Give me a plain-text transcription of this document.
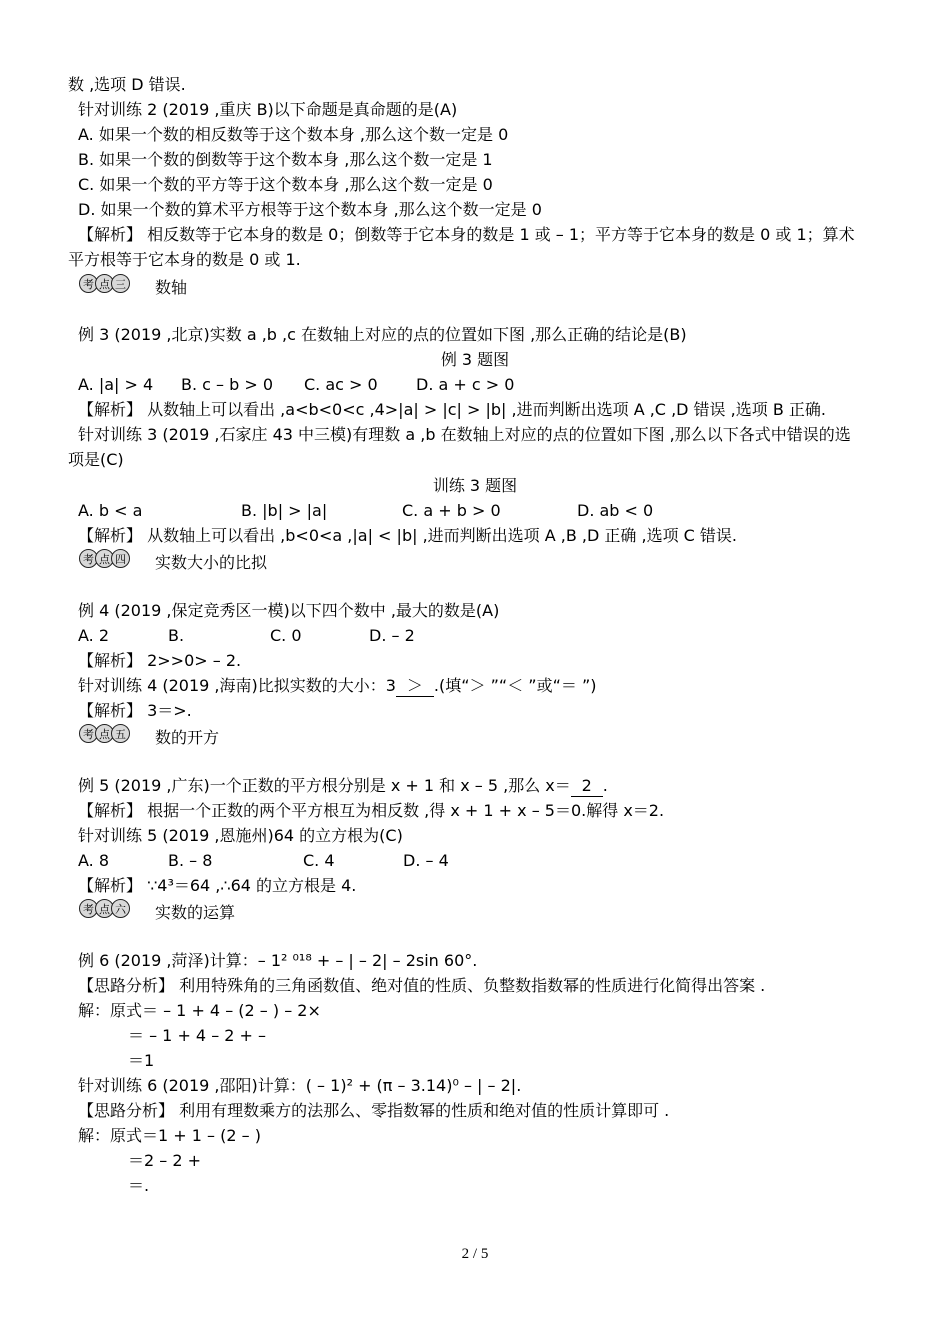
数 ,选项 D 错误.
针对训练 2 (2019 ,重庆 B)以下命题是真命题的是(A)
A. 如果一个数的相反数等于这个数本身 ,那么这个数一定是 0
B. 如果一个数的倒数等于这个数本身 ,那么这个数一定是 1
C. 如果一个数的平方等于这个数本身 ,那么这个数一定是 0
D. 如果一个数的算术平方根等于这个数本身 ,那么这个数一定是 0
【解析】 相反数等于它本身的数是 0；倒数等于它本身的数是 1 或 – 1；平方等于它本身的数是 0 或 1；算术
平方根等于它本身的数是 0 或 1.
考 点 三 数轴
例 3 (2019 ,北京)实数 a ,b ,c 在数轴上对应的点的位置如下图 ,那么正确的结论是(B)
例 3 题图
A. |a| > 4 B. c – b > 0 C. ac > 0 D. a + c > 0
【解析】 从数轴上可以看出 ,a<b<0<c ,4>|a| > |c| > |b| ,进而判断出选项 A ,C ,D 错误 ,选项 B 正确.
针对训练 3 (2019 ,石家庄 43 中三模)有理数 a ,b 在数轴上对应的点的位置如下图 ,那么以下各式中错误的选
项是(C)
训练 3 题图
A. b < a	B. |b| > |a|	C. a + b > 0	D. ab < 0
【解析】 从数轴上可以看出 ,b<0<a ,|a| < |b| ,进而判断出选项 A ,B ,D 正确 ,选项 C 错误.
考 点 四 实数大小的比拟
例 4 (2019 ,保定竞秀区一模)以下四个数中 ,最大的数是(A)
A. 2	B.	C. 0	D. – 2
【解析】 2>>0> – 2.
针对训练 4 (2019 ,海南)比拟实数的大小：3 ＞ .(填“＞ ”“＜ ”或“＝ ”)
【解析】 3＝>.
考 点 五 数的开方
例 5 (2019 ,广东)一个正数的平方根分别是 x + 1 和 x – 5 ,那么 x＝ 2 .
【解析】 根据一个正数的两个平方根互为相反数 ,得 x + 1 + x – 5＝0.解得 x＝2.
针对训练 5 (2019 ,恩施州)64 的立方根为(C)
A. 8	B. – 8	C. 4	D. – 4
【解析】 ∵4³＝64 ,∴64 的立方根是 4.
考 点 六 实数的运算
例 6 (2019 ,菏泽)计算：– 1² ⁰¹⁸ + – | – 2| – 2sin 60°.
【思路分析】 利用特殊角的三角函数值、绝对值的性质、负整数指数幂的性质进行化简得出答案 .
解：原式＝ – 1 + 4 – (2 – ) – 2×
＝ – 1 + 4 – 2 + –
＝1
针对训练 6 (2019 ,邵阳)计算：( – 1)² + (π – 3.14)⁰ – | – 2|.
【思路分析】 利用有理数乘方的法那么、零指数幂的性质和绝对值的性质计算即可 .
解：原式＝1 + 1 – (2 – )
＝2 – 2 +
＝.
2 / 5
